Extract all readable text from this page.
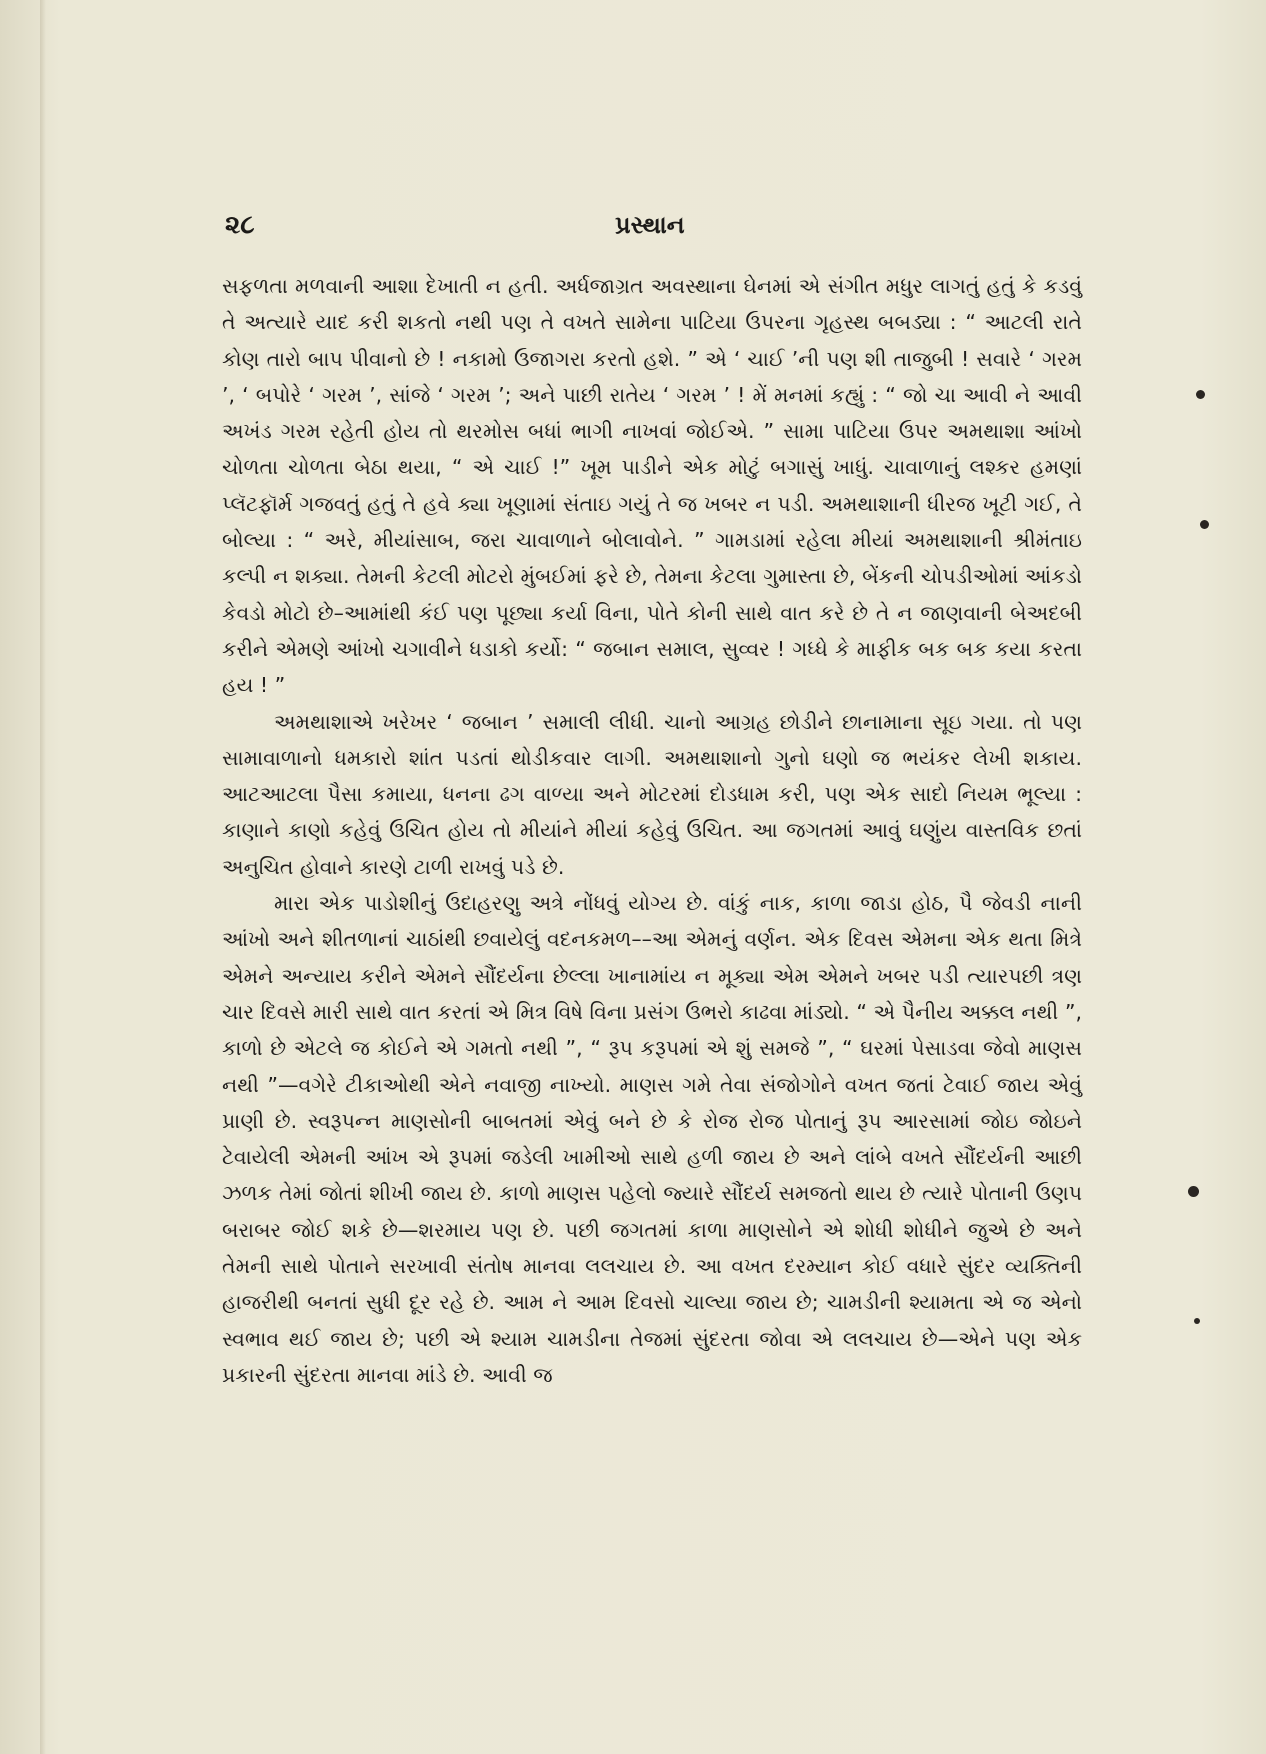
૨૮	પ્રસ્થાન

સફળતા મળવાની આશા દેખાતી ન હતી. અર્ધજાગ્રત અવસ્થાના ઘેનમાં એ સંગીત મધુર લાગતું હતું કે કડવું તે અત્યારે યાદ કરી શકતો નથી પણ તે વખતે સામેના પાટિયા ઉપરના ગૃહસ્થ બબડ્યા : “ આટલી રાતે કોણ તારો બાપ પીવાનો છે ! નકામો ઉજાગરા કરતો હશે. ” એ ‘ ચાઈ ’ની પણ શી તાજુબી ! સવારે ‘ ગરમ ’, ‘ બપોરે ‘ ગરમ ’, સાંજે ‘ ગરમ ’; અને પાછી રાતેય ‘ ગરમ ’ ! મેં મનમાં કહ્યું : “ જો ચા આવી ને આવી અખંડ ગરમ રહેતી હોય તો થરમોસ બધાં ભાગી નાખવાં જોઈએ. ” સામા પાટિયા ઉપર અમથાશા આંખો ચોળતા ચોળતા બેઠા થયા, “ એ ચાઈ !” ખૂમ પાડીને એક મોટું બગાસું ખાધું. ચાવાળાનું લશ્કર હમણાં પ્લૅટફૉર્મ ગજવતું હતું તે હવે ક્યા ખૂણામાં સંતાઇ ગયું તે જ ખબર ન પડી. અમથાશાની ધીરજ ખૂટી ગઈ, તે બોલ્યા : “ અરે, મીયાંસાબ, જરા ચાવાળાને બોલાવોને. ” ગામડામાં રહેલા મીયાં અમથાશાની શ્રીમંતાઇ કલ્પી ન શક્યા. તેમની કેટલી મોટરો મુંબઈમાં ફરે છે, તેમના કેટલા ગુમાસ્તા છે, બેંકની ચોપડીઓમાં આંકડો કેવડો મોટો છે–આમાંથી કંઈ પણ પૂછ્યા કર્યા વિના, પોતે કોની સાથે વાત કરે છે તે ન જાણવાની બેઅદબી કરીને એમણે આંખો ચગાવીને ધડાકો કર્યો: “ જબાન સમાલ, સુવ્વર ! ગધ્ધે કે માફીક બક બક કયા કરતા હય ! ”

અમથાશાએ ખરેખર ‘ જબાન ’ સમાલી લીધી. ચાનો આગ્રહ છોડીને છાનામાના સૂઇ ગયા. તો પણ સામાવાળાનો ધમકારો શાંત પડતાં થોડીકવાર લાગી. અમથાશાનો ગુનો ઘણો જ ભયંકર લેખી શકાય. આટઆટલા પૈસા કમાયા, ધનના ઢગ વાળ્યા અને મોટરમાં દોડધામ કરી, પણ એક સાદો નિયમ ભૂલ્યા : કાણાને કાણો કહેવું ઉચિત હોય તો મીયાંને મીયાં કહેવું ઉચિત. આ જગતમાં આવું ઘણુંય વાસ્તવિક છતાં અનુચિત હોવાને કારણે ટાળી રાખવું પડે છે.

મારા એક પાડોશીનું ઉદાહરણુ અત્રે નોંધવું યોગ્ય છે. વાંકું નાક, કાળા જાડા હોઠ, પૈ જેવડી નાની આંખો અને શીતળાનાં ચાઠાંથી છવાયેલું વદનકમળ––આ એમનું વર્ણન. એક દિવસ એમના એક થતા મિત્રે એમને અન્યાય કરીને એમને સૌંદર્યના છેલ્લા ખાનામાંય ન મૂક્યા એમ એમને ખબર પડી ત્યારપછી ત્રણ ચાર દિવસે મારી સાથે વાત કરતાં એ મિત્ર વિષે વિના પ્રસંગ ઉભરો કાઢવા માંડ્યો. “ એ પૈનીય અક્કલ નથી ”, કાળો છે એટલે જ કોઈને એ ગમતો નથી ”, “ રૂપ કરૂપમાં એ શું સમજે ”, “ ઘરમાં પેસાડવા જેવો માણસ નથી ”—વગેરે ટીકાઓથી એને નવાજી નાખ્યો. માણસ ગમે તેવા સંજોગોને વખત જતાં ટેવાઈ જાય એવું પ્રાણી છે. સ્વરૂપન્ન માણસોની બાબતમાં એવું બને છે કે રોજ રોજ પોતાનું રૂપ આરસામાં જોઇ જોઇને ટેવાયેલી એમની આંખ એ રૂપમાં જડેલી ખામીઓ સાથે હળી જાય છે અને લાંબે વખતે સૌંદર્યની આછી ઝળક તેમાં જોતાં શીખી જાય છે. કાળો માણસ પહેલો જ્યારે સૌંદર્ય સમજતો થાય છે ત્યારે પોતાની ઉણપ બરાબર જોઈ શકે છે—શરમાય પણ છે. પછી જગતમાં કાળા માણસોને એ શોધી શોધીને જુએ છે અને તેમની સાથે પોતાને સરખાવી સંતોષ માનવા લલચાય છે. આ વખત દરમ્યાન કોઈ વધારે સુંદર વ્યક્તિની હાજરીથી બનતાં સુધી દૂર રહે છે. આમ ને આમ દિવસો ચાલ્યા જાય છે; ચામડીની શ્યામતા એ જ એનો સ્વભાવ થઈ જાય છે; પછી એ શ્યામ ચામડીના તેજમાં સુંદરતા જોવા એ લલચાય છે—એને પણ એક પ્રકારની સુંદરતા માનવા માંડે છે. આવી જ
